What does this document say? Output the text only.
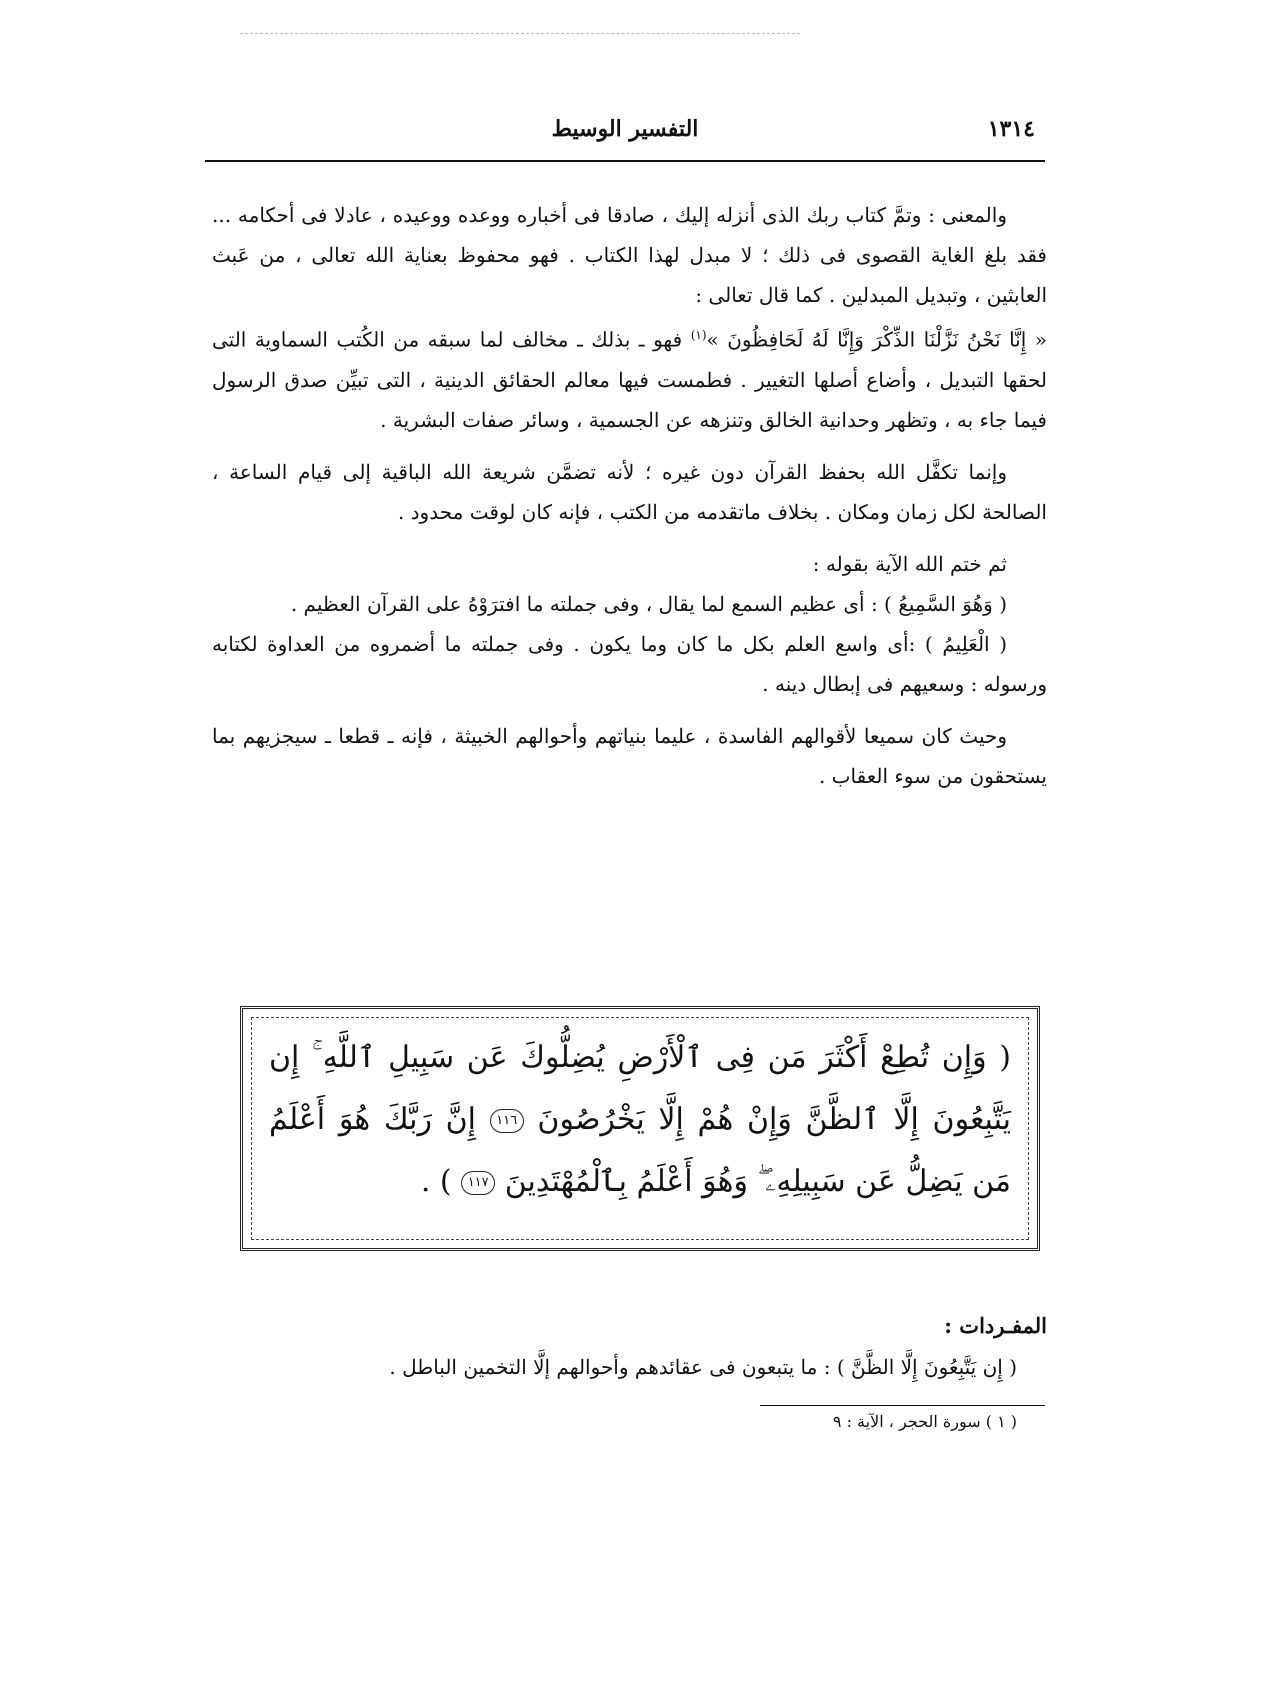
التفسير الوسيط	١٣١٤

والمعنى : وتمَّ كتاب ربك الذى أنزله إليك ، صادقا فى أخباره ووعده ووعيده ، عادلا فى أحكامه ... فقد بلغ الغاية القصوى فى ذلك ؛ لا مبدل لهذا الكتاب . فهو محفوظ بعناية الله تعالى ، من عَبث العابثين ، وتبديل المبدلين . كما قال تعالى :

« إِنَّا نَحْنُ نَزَّلْنَا الذِّكْرَ وَإِنَّا لَهُ لَحَافِظُونَ »$^{(١)}$ فهو ـ بذلك ـ مخالف لما سبقه من الكُتب السماوية التى لحقها التبديل ، وأضاع أصلها التغيير . فطمست فيها معالم الحقائق الدينية ، التى تبيِّن صدق الرسول فيما جاء به ، وتظهر وحدانية الخالق وتنزهه عن الجسمية ، وسائر صفات البشرية .

وإنما تكفَّل الله بحفظ القرآن دون غيره ؛ لأنه تضمَّن شريعة الله الباقية إلى قيام الساعة ، الصالحة لكل زمان ومكان . بخلاف ماتقدمه من الكتب ، فإنه كان لوقت محدود .

ثم ختم الله الآية بقوله :

( وَهُوَ السَّمِيعُ ) : أى عظيم السمع لما يقال ، وفى جملته ما افترَوْهُ على القرآن العظيم .

( الْعَلِيمُ ) :أى واسع العلم بكل ما كان وما يكون . وفى جملته ما أضمروه من العداوة لكتابه ورسوله : وسعيهم فى إبطال دينه .

وحيث كان سميعا لأقوالهم الفاسدة ، عليما بنياتهم وأحوالهم الخبيثة ، فإنه ـ قطعا ـ سيجزيهم بما يستحقون من سوء العقاب .

( وَإِن تُطِعْ أَكْثَرَ مَن فِى ٱلْأَرْضِ يُضِلُّوكَ عَن سَبِيلِ ٱللَّهِ ۚ إِن يَتَّبِعُونَ إِلَّا ٱلظَّنَّ وَإِنْ هُمْ إِلَّا يَخْرُصُونَ ١١٦ إِنَّ رَبَّكَ هُوَ أَعْلَمُ مَن يَضِلُّ عَن سَبِيلِهِۦ ۖ وَهُوَ أَعْلَمُ بِٱلْمُهْتَدِينَ ١١٧ ) .
المفـردات :
( إِن يَتَّبِعُونَ إِلَّا الظَّنَّ ) : ما يتبعون فى عقائدهم وأحوالهم إلَّا التخمين الباطل .
( ١ ) سورة الحجر ، الآية : ٩
